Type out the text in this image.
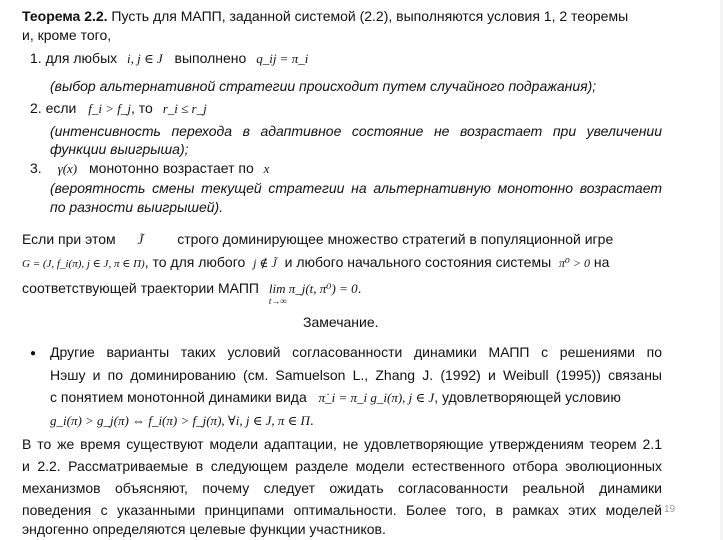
Теорема 2.2. Пусть для МАПП, заданной системой (2.2), выполняются условия 1, 2 теоремы
и, кроме того,
1. для любых i, j ∈ J выполнено q_ij = π_i
(выбор альтернативной стратегии происходит путем случайного подражания);
2. если f_i > f_j, то r_i ≤ r_j
(интенсивность перехода в адаптивное состояние не возрастает при увеличении
функции выигрыша);
3. γ(x) монотонно возрастает по x
(вероятность смены текущей стратегии на альтернативную монотонно возрастает
по разности выигрышей).
Если при этом J̃ строго доминирующее множество стратегий в популяционной игре
G = (J, f_i(π), j ∈ J, π ∈ Π), то для любого j ∉ J̃ и любого начального состояния системы π⁰ > 0 на
соответствующей траектории МАПП lim π_j(t, π⁰) = 0
t→∞
.
Замечание.
● Другие варианты таких условий согласованности динамики МАПП с решениями по
Нэшу и по доминированию (см. Samuelson L., Zhang J. (1992) и Weibull (1995)) связаны
с понятием монотонной динамики вида π̇_i = π_i g_i(π), j ∈ J, удовлетворяющей условию
g_i(π) > g_j(π) ⇔ f_i(π) > f_j(π), ∀i, j ∈ J, π ∈ Π.
В то же время существуют модели адаптации, не удовлетворяющие утверждениям теорем 2.1
и 2.2. Рассматриваемые в следующем разделе модели естественного отбора эволюционных
механизмов объясняют, почему следует ожидать согласованности реальной динамики
поведения с указанными принципами оптимальности. Более того, в рамках этих моделей
эндогенно определяются целевые функции участников.
19
